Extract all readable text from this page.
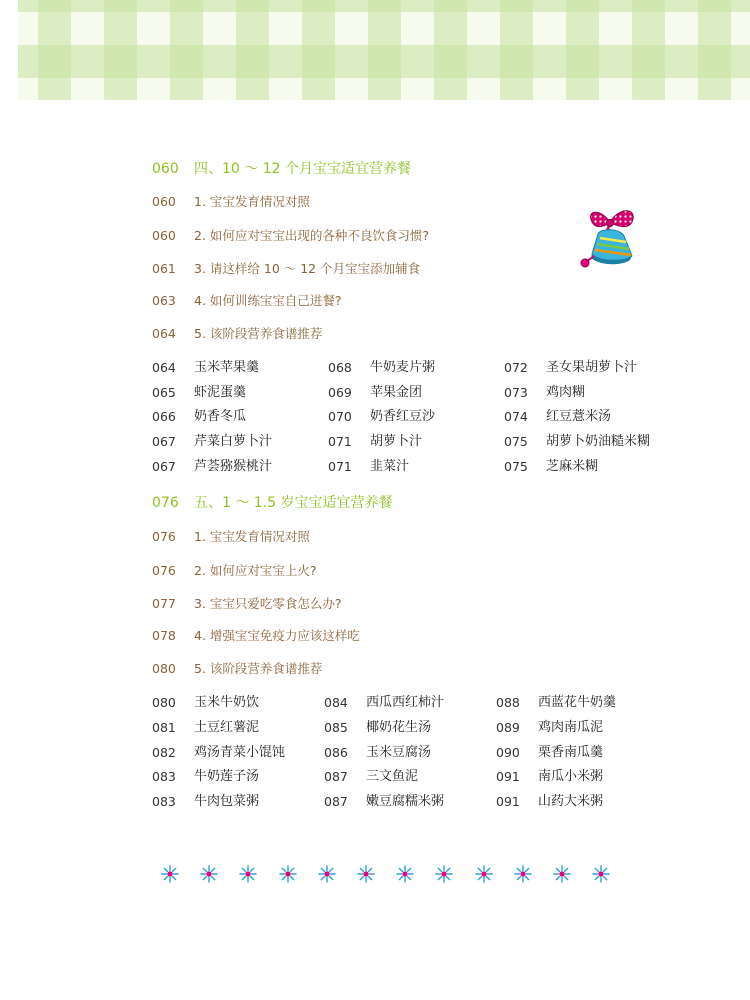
060 四、10 ～ 12 个月宝宝适宜营养餐
060 1. 宝宝发育情况对照
060 2. 如何应对宝宝出现的各种不良饮食习惯?
061 3. 请这样给 10 ～ 12 个月宝宝添加辅食
063 4. 如何训练宝宝自己进餐?
064 5. 该阶段营养食谱推荐
064 玉米苹果羹	068 牛奶麦片粥	072 圣女果胡萝卜汁
065 虾泥蛋羹	069 苹果金团	073 鸡肉糊
066 奶香冬瓜	070 奶香红豆沙	074 红豆薏米汤
067 芹菜白萝卜汁	071 胡萝卜汁	075 胡萝卜奶油糙米糊
067 芦荟猕猴桃汁	071 韭菜汁	075 芝麻米糊
076 五、1 ～ 1.5 岁宝宝适宜营养餐
076 1. 宝宝发育情况对照
076 2. 如何应对宝宝上火?
077 3. 宝宝只爱吃零食怎么办?
078 4. 增强宝宝免疫力应该这样吃
080 5. 该阶段营养食谱推荐
080 玉米牛奶饮	084 西瓜西红柿汁	088 西蓝花牛奶羹
081 土豆红薯泥	085 椰奶花生汤	089 鸡肉南瓜泥
082 鸡汤青菜小馄饨	086 玉米豆腐汤	090 栗香南瓜羹
083 牛奶莲子汤	087 三文鱼泥	091 南瓜小米粥
083 牛肉包菜粥	087 嫩豆腐糯米粥	091 山药大米粥
